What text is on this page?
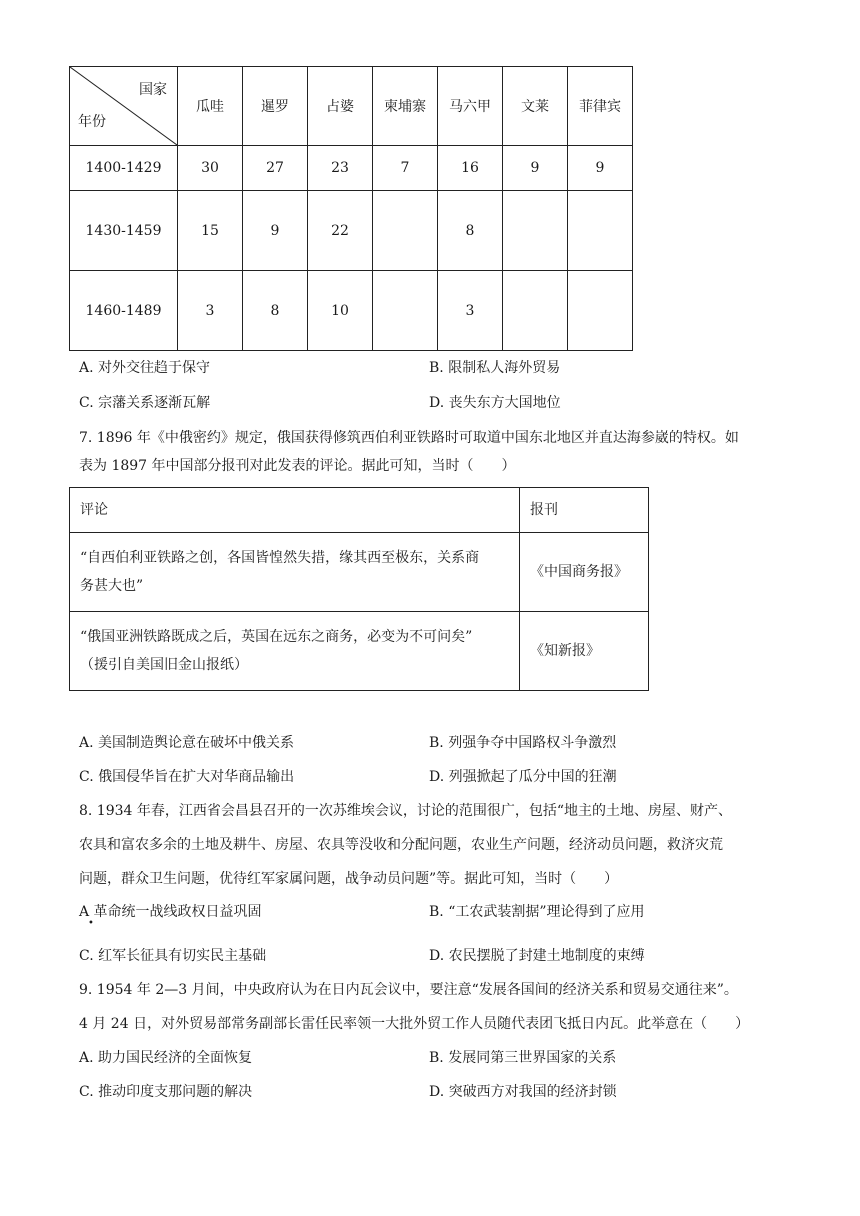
国家
年份	瓜哇	暹罗	占婆	柬埔寨	马六甲	文莱	菲律宾
1400-1429	30	27	23	7	16	9	9
1430-1459	15	9	22		8		
1460-1489	3	8	10		3		
A. 对外交往趋于保守	B. 限制私人海外贸易
C. 宗藩关系逐渐瓦解	D. 丧失东方大国地位
7. 1896 年《中俄密约》规定，俄国获得修筑西伯利亚铁路时可取道中国东北地区并直达海参崴的特权。如
表为 1897 年中国部分报刊对此发表的评论。据此可知，当时（　　）
评论	报刊

“自西伯利亚铁路之创，各国皆惶然失措，缘其西至极东，关系商
务甚大也”	《中国商务报》

“俄国亚洲铁路既成之后，英国在远东之商务，必变为不可问矣”
（援引自美国旧金山报纸）	《知新报》
A. 美国制造舆论意在破坏中俄关系	B. 列强争夺中国路权斗争激烈
C. 俄国侵华旨在扩大对华商品输出	D. 列强掀起了瓜分中国的狂潮
8. 1934 年春，江西省会昌县召开的一次苏维埃会议，讨论的范围很广，包括“地主的土地、房屋、财产、
农具和富农多余的土地及耕牛、房屋、农具等没收和分配问题，农业生产问题，经济动员问题，救济灾荒
问题，群众卫生问题，优待红军家属问题，战争动员问题”等。据此可知，当时（　　）
A 革命统一战线政权日益巩固
•
B. “工农武装割据”理论得到了应用
C. 红军长征具有切实民主基础	D. 农民摆脱了封建土地制度的束缚
9. 1954 年 2—3 月间，中央政府认为在日内瓦会议中，要注意“发展各国间的经济关系和贸易交通往来”。
4 月 24 日，对外贸易部常务副部长雷任民率领一大批外贸工作人员随代表团飞抵日内瓦。此举意在（　　）
A. 助力国民经济的全面恢复	B. 发展同第三世界国家的关系
C. 推动印度支那问题的解决	D. 突破西方对我国的经济封锁
